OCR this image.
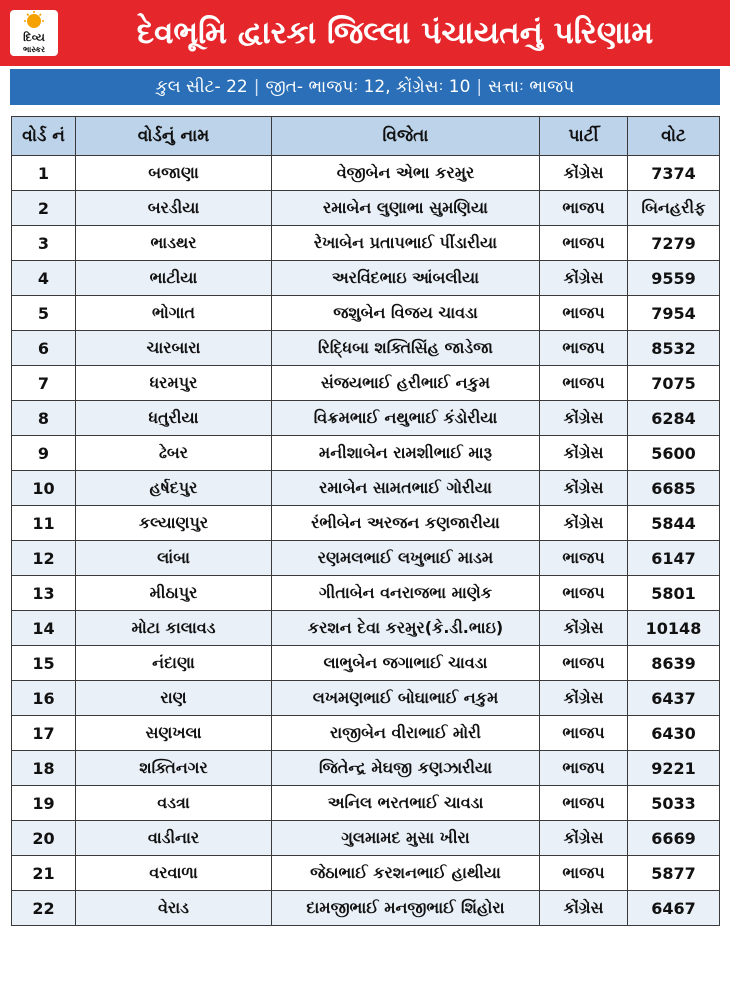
દિવ્ય
ભાસ્કર	દેવભૂમિ દ્વારકા જિલ્લા પંચાયતનું પરિણામ
કુલ સીટ- 22 | જીત- ભાજપઃ 12, કોંગ્રેસઃ 10 | સત્તાઃ ભાજપ
વોર્ડ નં	વોર્ડનું નામ	વિજેતા	પાર્ટી	વોટ
1	બજાણા	વેજીબેન એભા કરમુર	કોંગ્રેસ	7374
2	બરડીયા	રમાબેન લુણાભા સુમણિયા	ભાજપ	બિનહરીફ
3	ભાડથર	રેખાબેન પ્રતાપભાઈ પીંડારીયા	ભાજપ	7279
4	ભાટીયા	અરવિંદભાઇ આંબલીયા	કોંગ્રેસ	9559
5	ભોગાત	જશુબેન વિજય ચાવડા	ભાજપ	7954
6	ચારબારા	રિદ્ધિબા શક્તિસિંહ જાડેજા	ભાજપ	8532
7	ધરમપુર	સંજયભાઈ હરીભાઈ નકુમ	ભાજપ	7075
8	ધતુરીયા	વિક્રમભાઈ નથુભાઈ કંડોરીયા	કોંગ્રેસ	6284
9	ઢેબર	મનીશાબેન રામશીભાઈ મારૂ	કોંગ્રેસ	5600
10	હર્ષદપુર	રમાબેન સામતભાઈ ગોરીયા	કોંગ્રેસ	6685
11	કલ્યાણપુર	રંભીબેન અરજન કણજારીયા	કોંગ્રેસ	5844
12	લાંબા	રણમલભાઈ લખુભાઈ માડમ	ભાજપ	6147
13	મીઠાપુર	ગીતાબેન વનરાજભા માણેક	ભાજપ	5801
14	મોટા કાલાવડ	કરશન દેવા કરમુર(કે.ડી.ભાઇ)	કોંગ્રેસ	10148
15	નંદાણા	લાભુબેન જગાભાઈ ચાવડા	ભાજપ	8639
16	રાણ	લખમણભાઈ બોઘાભાઈ નકુમ	કોંગ્રેસ	6437
17	સણખલા	રાજીબેન વીરાભાઈ મોરી	ભાજપ	6430
18	શક્તિનગર	જિતેન્દ્ર મેઘજી કણઝારીયા	ભાજપ	9221
19	વડત્રા	અનિલ ભરતભાઈ ચાવડા	ભાજપ	5033
20	વાડીનાર	ગુલમામદ મુસા ખીરા	કોંગ્રેસ	6669
21	વરવાળા	જેઠાભાઈ કરશનભાઈ હાથીયા	ભાજપ	5877
22	વેરાડ	દામજીભાઈ મનજીભાઈ શિંહોરા	કોંગ્રેસ	6467
